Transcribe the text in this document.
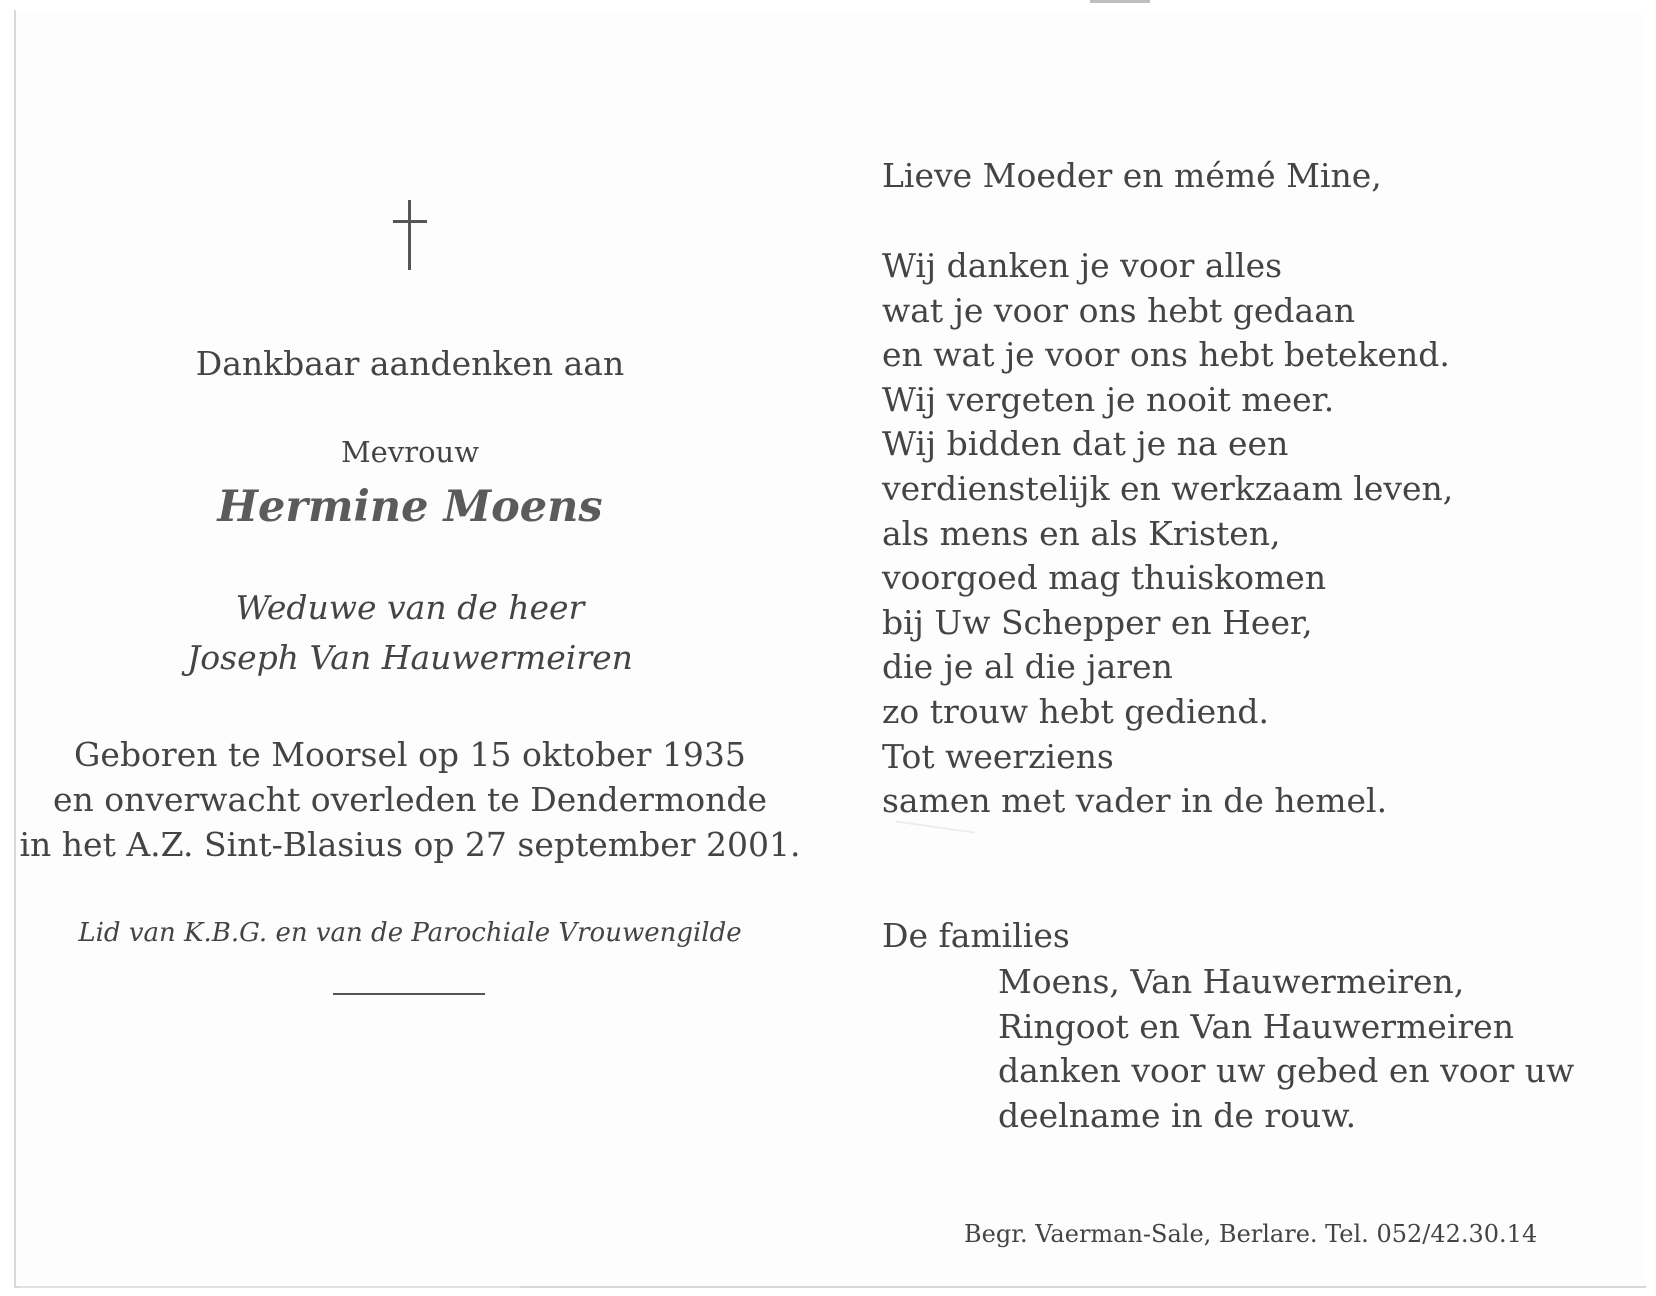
Dankbaar aandenken aan
Mevrouw
Hermine Moens
Weduwe van de heer
Joseph Van Hauwermeiren
Geboren te Moorsel op 15 oktober 1935
en onverwacht overleden te Dendermonde
in het A.Z. Sint-Blasius op 27 september 2001.
Lid van K.B.G. en van de Parochiale Vrouwengilde
Lieve Moeder en mémé Mine,
Wij danken je voor alles
wat je voor ons hebt gedaan
en wat je voor ons hebt betekend.
Wij vergeten je nooit meer.
Wij bidden dat je na een
verdienstelijk en werkzaam leven,
als mens en als Kristen,
voorgoed mag thuiskomen
bij Uw Schepper en Heer,
die je al die jaren
zo trouw hebt gediend.
Tot weerziens
samen met vader in de hemel.
De families
Moens, Van Hauwermeiren,
Ringoot en Van Hauwermeiren
danken voor uw gebed en voor uw
deelname in de rouw.
Begr. Vaerman-Sale, Berlare. Tel. 052/42.30.14
